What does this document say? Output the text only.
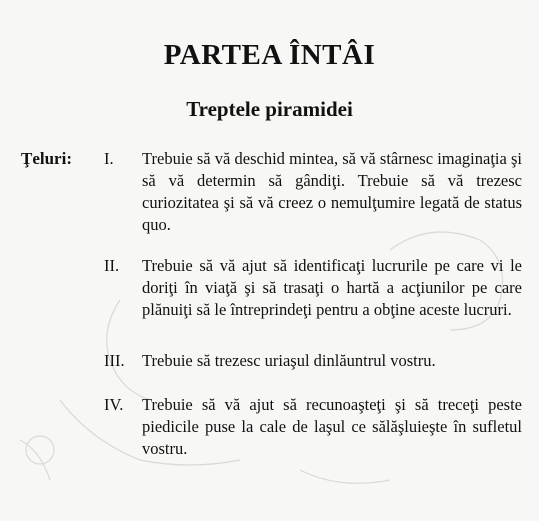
PARTEA ÎNTÂI
Treptele piramidei
Ţeluri: I.	Trebuie să vă deschid mintea, să vă stârnesc imaginaţia şi să vă determin să gândiţi. Trebuie să vă trezesc curiozitatea şi să vă creez o nemulţumire legată de status quo.
II.	Trebuie să vă ajut să identificaţi lucrurile pe care vi le doriţi în viaţă şi să trasaţi o hartă a acţiunilor pe care plănuiţi să le întreprindeţi pentru a obţine aceste lucruri.
III.	Trebuie să trezesc uriaşul dinlăuntrul vostru.
IV.	Trebuie să vă ajut să recunoaşteţi şi să treceţi peste piedicile puse la cale de laşul ce sălăşluieşte în sufletul vostru.
